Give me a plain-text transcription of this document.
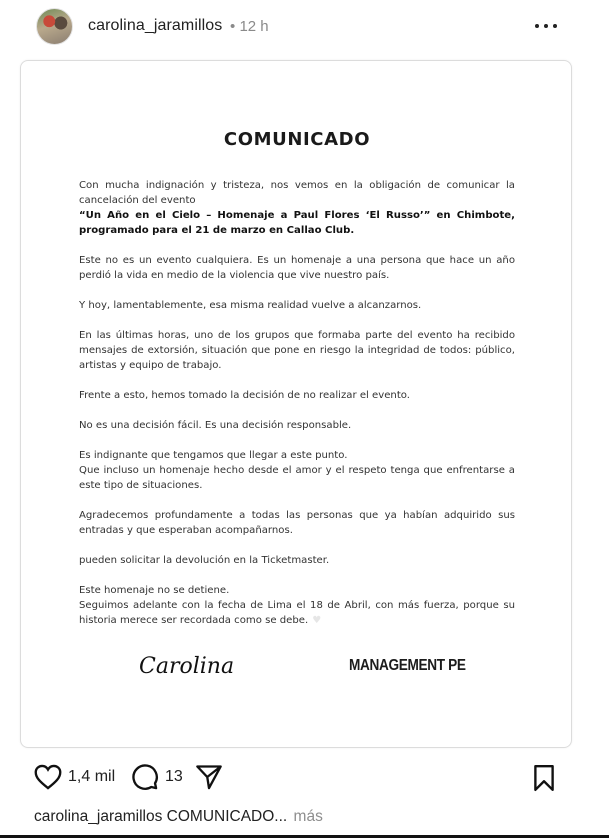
carolina_jaramillos • 12 h
COMUNICADO

Con mucha indignación y tristeza, nos vemos en la obligación de comunicar la cancelación del evento
“Un Año en el Cielo – Homenaje a Paul Flores ‘El Russo’” en Chimbote, programado para el 21 de marzo en Callao Club.

Este no es un evento cualquiera. Es un homenaje a una persona que hace un año perdió la vida en medio de la violencia que vive nuestro país.

Y hoy, lamentablemente, esa misma realidad vuelve a alcanzarnos.

En las últimas horas, uno de los grupos que formaba parte del evento ha recibido mensajes de extorsión, situación que pone en riesgo la integridad de todos: público, artistas y equipo de trabajo.

Frente a esto, hemos tomado la decisión de no realizar el evento.

No es una decisión fácil. Es una decisión responsable.

Es indignante que tengamos que llegar a este punto.
Que incluso un homenaje hecho desde el amor y el respeto tenga que enfrentarse a este tipo de situaciones.

Agradecemos profundamente a todas las personas que ya habían adquirido sus entradas y que esperaban acompañarnos.

pueden solicitar la devolución en la Ticketmaster.

Este homenaje no se detiene.
Seguimos adelante con la fecha de Lima el 18 de Abril, con más fuerza, porque su historia merece ser recordada como se debe. ♥

Carolina	MANAGEMENT PE
1,4 mil	13
carolina_jaramillos COMUNICADO... más
